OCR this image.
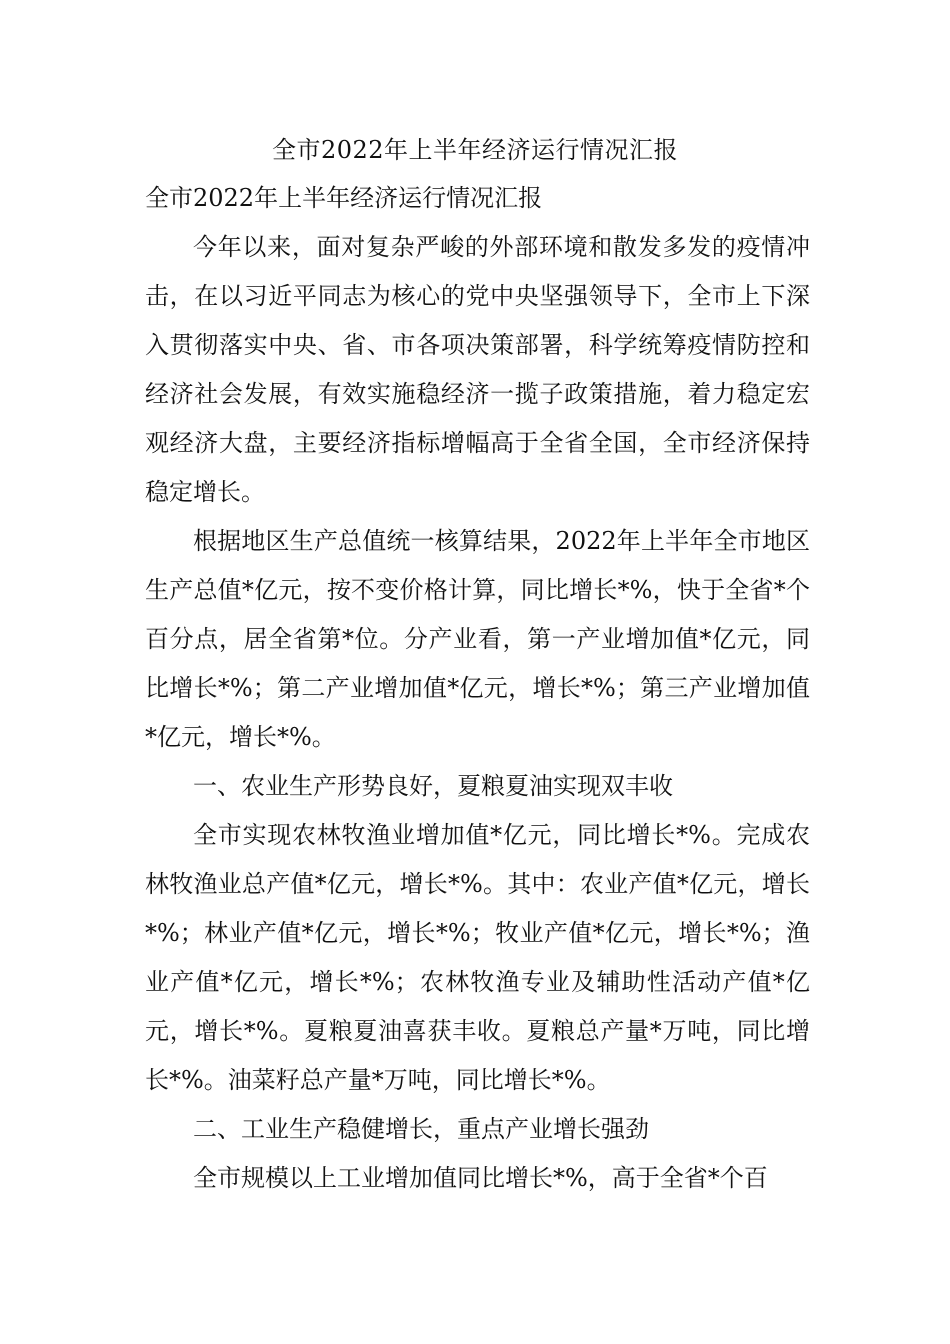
全市2022年上半年经济运行情况汇报

全市2022年上半年经济运行情况汇报

今年以来，面对复杂严峻的外部环境和散发多发的疫情冲击，在以习近平同志为核心的党中央坚强领导下，全市上下深入贯彻落实中央、省、市各项决策部署，科学统筹疫情防控和经济社会发展，有效实施稳经济一揽子政策措施，着力稳定宏观经济大盘，主要经济指标增幅高于全省全国，全市经济保持稳定增长。

根据地区生产总值统一核算结果，2022年上半年全市地区生产总值*亿元，按不变价格计算，同比增长*%，快于全省*个百分点，居全省第*位。分产业看，第一产业增加值*亿元，同比增长*%；第二产业增加值*亿元，增长*%；第三产业增加值*亿元，增长*%。

一、农业生产形势良好，夏粮夏油实现双丰收

全市实现农林牧渔业增加值*亿元，同比增长*%。完成农林牧渔业总产值*亿元，增长*%。其中：农业产值*亿元，增长*%；林业产值*亿元，增长*%；牧业产值*亿元，增长*%；渔业产值*亿元，增长*%；农林牧渔专业及辅助性活动产值*亿元，增长*%。夏粮夏油喜获丰收。夏粮总产量*万吨，同比增长*%。油菜籽总产量*万吨，同比增长*%。

二、工业生产稳健增长，重点产业增长强劲

全市规模以上工业增加值同比增长*%，高于全省*个百
